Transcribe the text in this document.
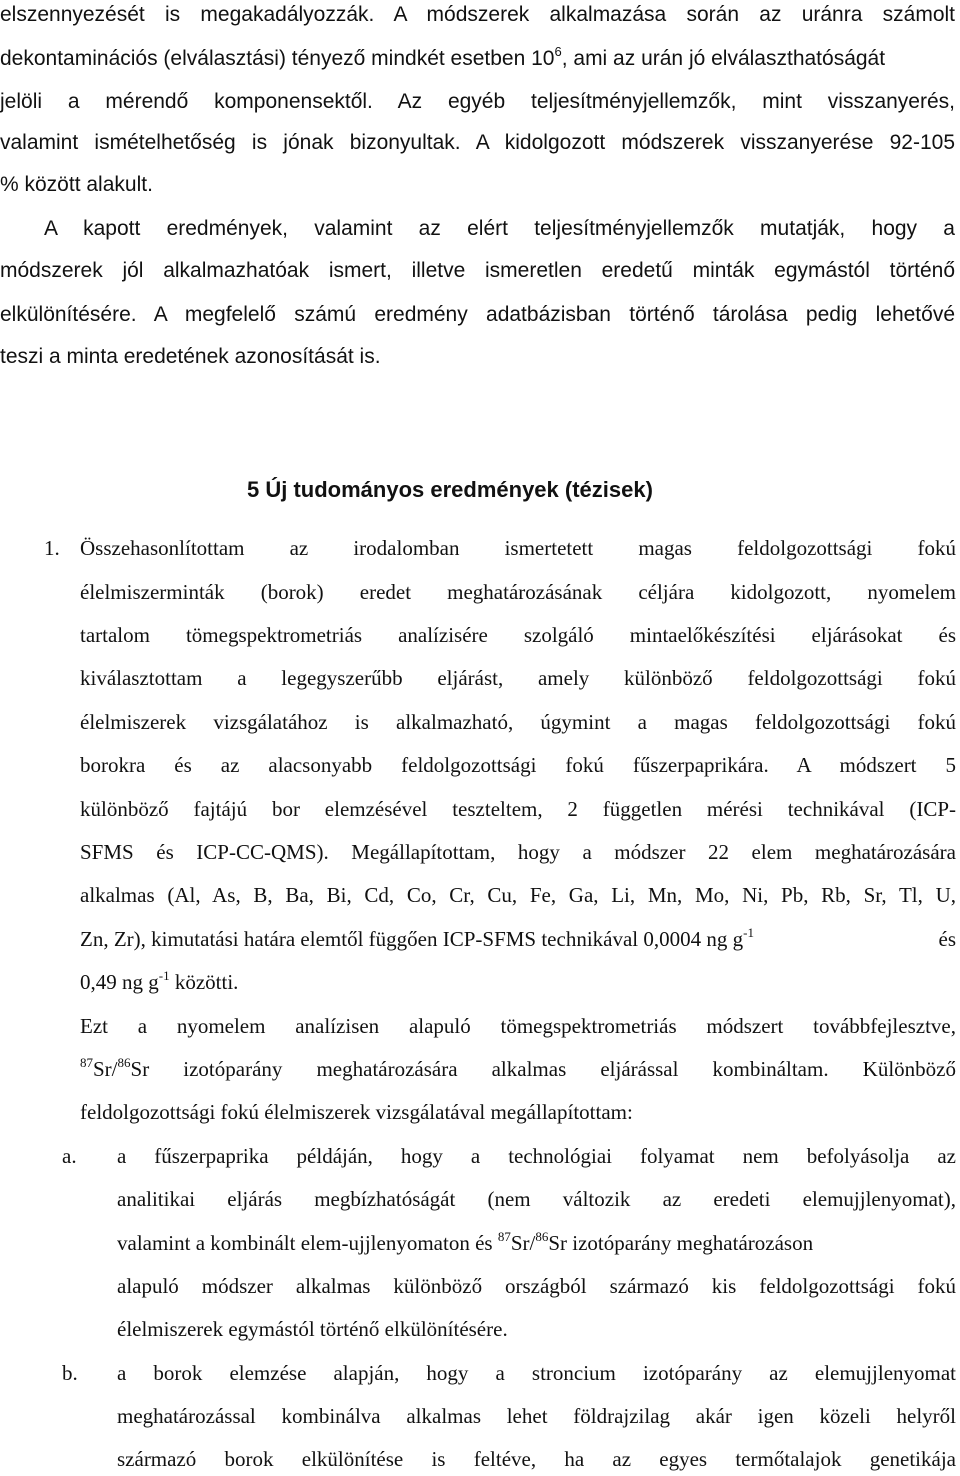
elszennyezését is megakadályozzák. A módszerek alkalmazása során az uránra számolt
dekontaminációs (elválasztási) tényező mindkét esetben $10^6$, ami az urán jó elválaszthatóságát
jelöli a mérendő komponensektől. Az egyéb teljesítményjellemzők, mint visszanyerés,
valamint ismételhetőség is jónak bizonyultak. A kidolgozott módszerek visszanyerése 92-105
% között alakult.
A kapott eredmények, valamint az elért teljesítményjellemzők mutatják, hogy a
módszerek jól alkalmazhatóak ismert, illetve ismeretlen eredetű minták egymástól történő
elkülönítésére. A megfelelő számú eredmény adatbázisban történő tárolása pedig lehetővé
teszi a minta eredetének azonosítását is.
5 Új tudományos eredmények (tézisek)
1. Összehasonlítottam az irodalomban ismertetett magas feldolgozottsági fokú
élelmiszerminták (borok) eredet meghatározásának céljára kidolgozott, nyomelem
tartalom tömegspektrometriás analízisére szolgáló mintaelőkészítési eljárásokat és
kiválasztottam a legegyszerűbb eljárást, amely különböző feldolgozottsági fokú
élelmiszerek vizsgálatához is alkalmazható, úgymint a magas feldolgozottsági fokú
borokra és az alacsonyabb feldolgozottsági fokú fűszerpaprikára. A módszert 5
különböző fajtájú bor elemzésével teszteltem, 2 független mérési technikával (ICP-
SFMS és ICP-CC-QMS). Megállapítottam, hogy a módszer 22 elem meghatározására
alkalmas (Al, As, B, Ba, Bi, Cd, Co, Cr, Cu, Fe, Ga, Li, Mn, Mo, Ni, Pb, Rb, Sr, Tl, U,
Zn, Zr), kimutatási határa elemtől függően ICP-SFMS technikával 0,0004 ng $g^{-1}$	és
0,49 ng $g^{-1}$ közötti.
Ezt a nyomelem analízisen alapuló tömegspektrometriás módszert továbbfejlesztve,
$^{87}$Sr/$^{86}$ Sr izotóparány meghatározására alkalmas eljárással kombináltam. Különböző
feldolgozottsági fokú élelmiszerek vizsgálatával megállapítottam:
a. a fűszerpaprika példáján, hogy a technológiai folyamat nem befolyásolja az
analitikai eljárás megbízhatóságát (nem változik az eredeti elemujjlenyomat),
valamint a kombinált elem-ujjlenyomaton és $^{87}$Sr/$^{86}$Sr izotóparány meghatározáson
alapuló módszer alkalmas különböző országból származó kis feldolgozottsági fokú
élelmiszerek egymástól történő elkülönítésére.
b. a borok elemzése alapján, hogy a stroncium izotóparány az elemujjlenyomat
meghatározással kombinálva alkalmas lehet földrajzilag akár igen közeli helyről
származó borok elkülönítése is feltéve, ha az egyes termőtalajok genetikája
